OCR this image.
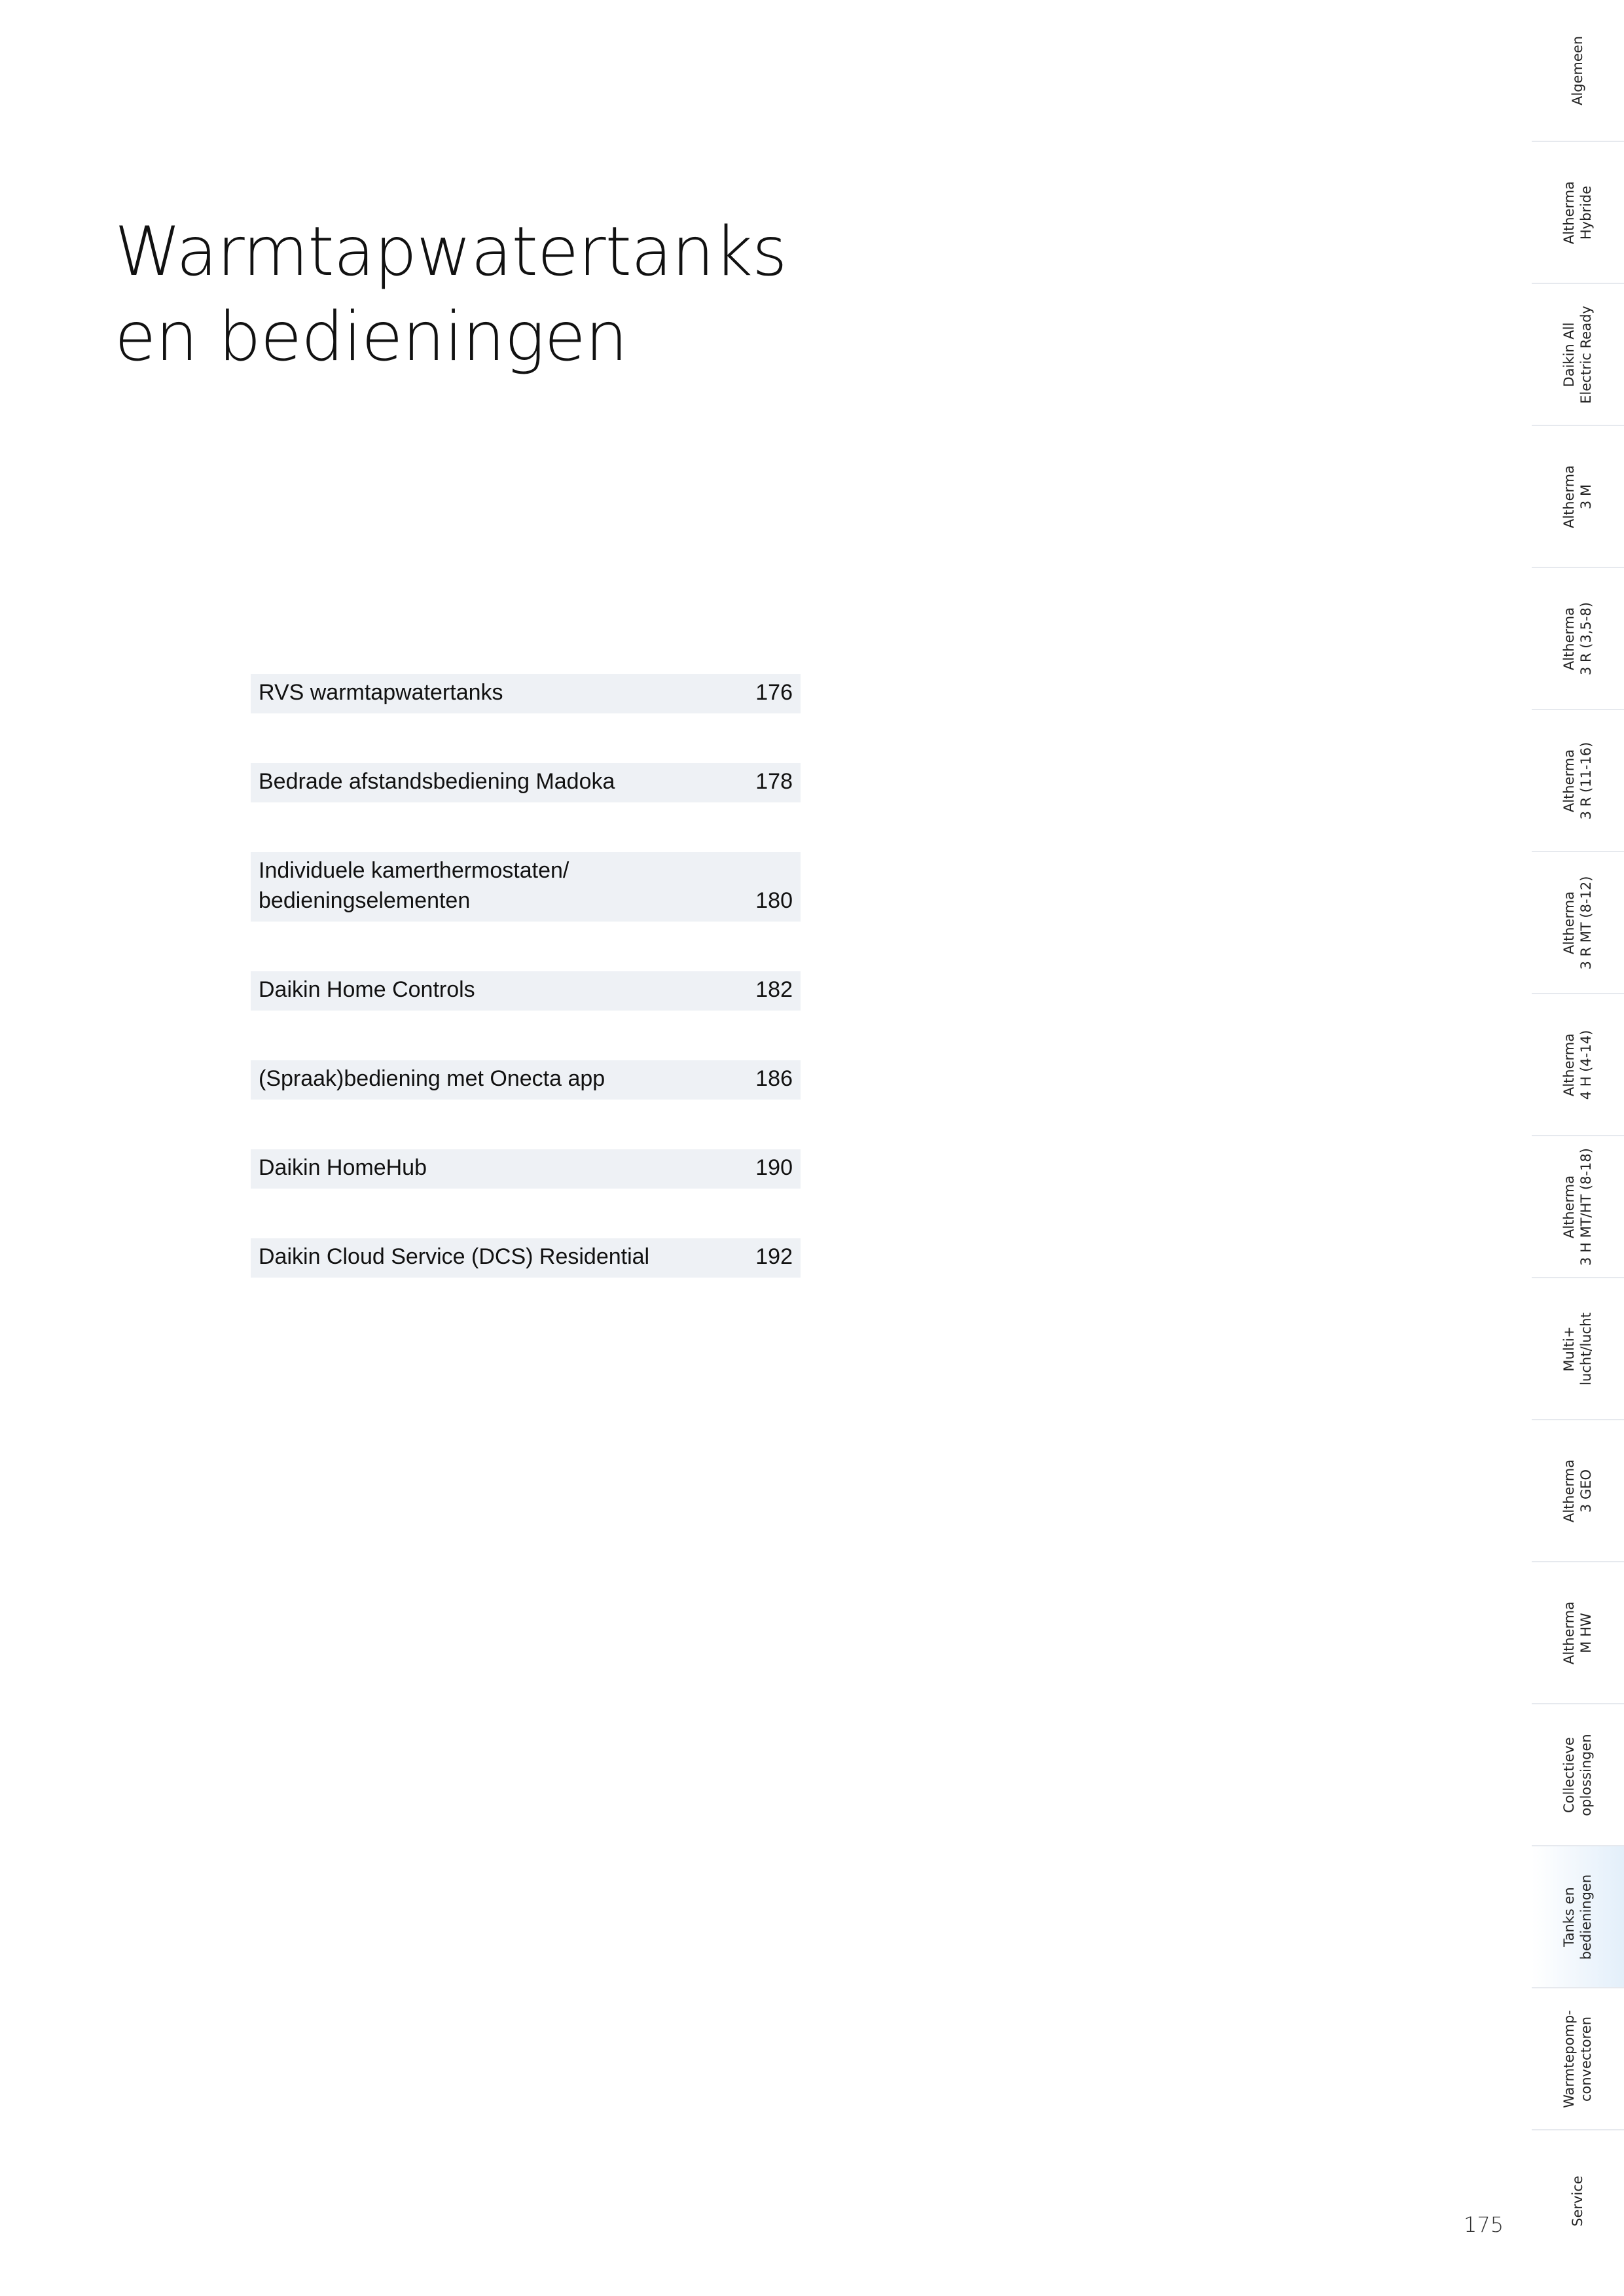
Warmtapwatertanks
en bedieningen
RVS warmtapwatertanks	176
Bedrade afstandsbediening Madoka	178
Individuele kamerthermostaten/
bedieningselementen	180
Daikin Home Controls	182
(Spraak)bediening met Onecta app	186
Daikin HomeHub	190
Daikin Cloud Service (DCS) Residential	192
Algemeen
Altherma
Hybride
Daikin All
Electric Ready
Altherma
3 M
Altherma
3 R (3,5-8)
Altherma
3 R (11-16)
Altherma
3 R MT (8-12)
Altherma
4 H (4-14)
Altherma
3 H MT/HT (8-18)
Multi+
lucht/lucht
Altherma
3 GEO
Altherma
M HW
Collectieve
oplossingen
Tanks en
bedieningen
Warmtepomp-
convectoren
Service
175
